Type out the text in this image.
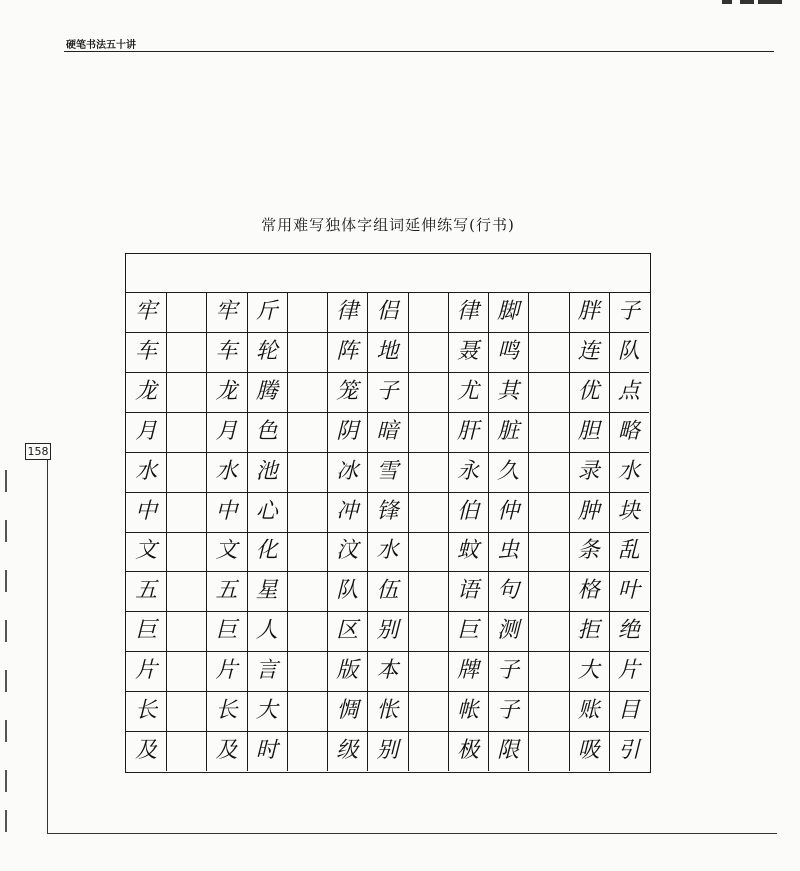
硬笔书法五十讲
158
常用难写独体字组词延伸练写(行书)
牢
车
龙
月
水
中
文
五
巨
片
长
及
牢
车
龙
月
水
中
文
五
巨
片
长
及
斤
轮
腾
色
池
心
化
星
人
言
大
时
律
阵
笼
阴
冰
冲
汶
队
区
版
惆
级
侣
地
子
暗
雪
锋
水
伍
别
本
怅
别
律
聂
尤
肝
永
伯
蚊
语
巨
牌
帐
极
脚
鸣
其
脏
久
仲
虫
句
测
子
子
限
胖
连
优
胆
录
肿
条
格
拒
大
账
吸
子
队
点
略
水
块
乱
叶
绝
片
目
引
